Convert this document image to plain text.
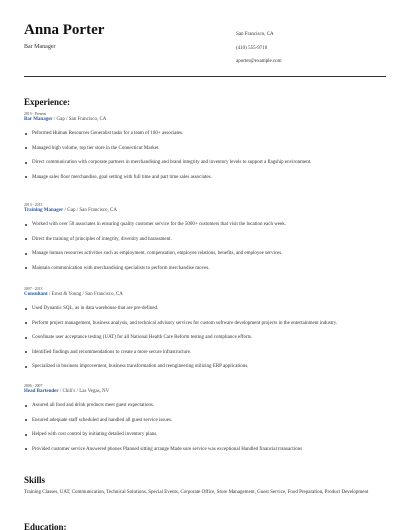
Anna Porter
Bar Manager
San Francisco, CA
(410) 555-9710
aporter@example.com
Experience:
2015 - Present
Bar Manager / Gap / San Francisco, CA
Peformed Human Resources Generalist tasks for a team of 160+ associates.
Managed high volume, top tier store in the Connecticut Market.
Direct communication with corporate partners in merchandising and brand integrity and inventory levels to support a flagship environment.
Manage sales floor merchandise, goal setting with full time and part time sales associates.
2013 - 2015
Training Manager / Gap / San Francisco, CA
Worked with over 50 associates in ensuring quality customer service for the 5000+ customers that visit the location each week.
Direct the training of principles of integrity, diversity and harassment.
Manage human resources activities such as employment, compensation, employee relations, benefits, and employee services.
Maintain communication with merchandising specialists to perform merchandise moves.
2007 - 2013
Consultant / Ernst & Young / San Francisco, CA
Used Dynamic SQL, as in data warehouse that are pre-defined.
Perform project management, business analysis, and technical advisory services for custom software development projects in the entertainment industry.
Coordinate user acceptance testing (UAT) for all National Health Care Reform testing and compliance efforts.
Identified findings and recommendations to create a more secure infrastructure.
Specialized in business improvement, business transformation and reengineering utilizing ERP applications.
2006 - 2007
Head Bartender / Chili's / Las Vegas, NV
Assured all food and drink products meet guest expectations.
Ensured adequate staff scheduled and handled all guest service issues.
Helped with cost control by initiating detailed inventory plans.
Provided customer service Answered phones Planned sitting arrange Made sure service was exceptional Handled financial transactions
Skills
Training Classes, UAT, Communication, Technical Solutions, Special Events, Corporate Office, Store Management, Guest Service, Food Preparation, Product Development
Education:
